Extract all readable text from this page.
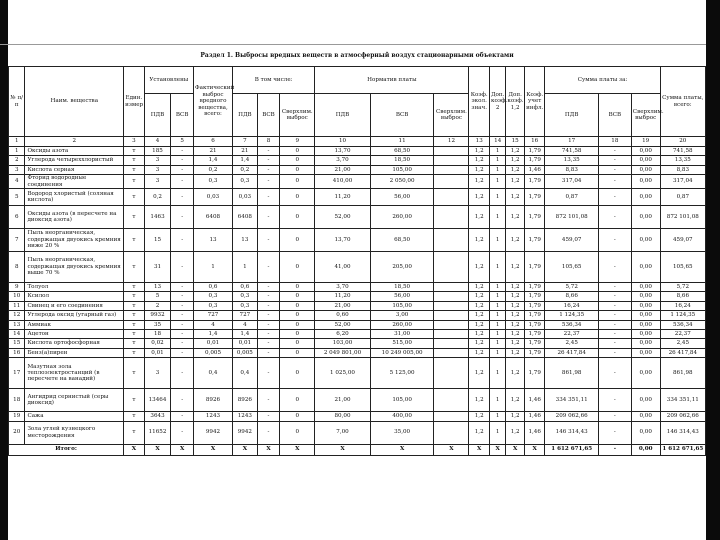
Раздел 1. Выбросы вредных веществ в атмосферный воздух стационарными объектами
№ п/п	Наим. вещества	Един. измер	Установлены		Фактический выброс вредного вещества, всего:	В том числе:			Норматив платы			Коэф. экол. знач.	Доп. коэф. 2	Доп. коэф. 1,2	Коэф. учет инфл.	Сумма платы за:			Сумма платы, всего:
			ПДВ	ВСВ		ПДВ	ВСВ	Сверхлим. выброс	ПДВ	ВСВ	Сверхлим. выброс					ПДВ	ВСВ	Сверхлим. выброс	
1	2	3	4	5	6	7	8	9	10	11	12	13	14	15	16	17	18	19	20
1	Оксиды азота	т	185	-	21	21	-	0	13,70	68,50		1,2	1	1,2	1,79	741,58	-	0,00	741,58
2	Углерода четыреххлористый	т	3	-	1,4	1,4	-	0	3,70	18,50		1,2	1	1,2	1,79	13,35	-	0,00	13,35
3	Кислота серная	т	3	-	0,2	0,2	-	0	21,00	105,00		1,2	1	1,2	1,46	8,83	-	0,00	8,83
4	Фторид водородные соединения	т	3	-	0,3	0,3	-	0	410,00	2 050,00		1,2	1	1,2	1,79	317,04	-	0,00	317,04
5	Водород хлористый (соляная кислота)	т	0,2	-	0,03	0,03	-	0	11,20	56,00		1,2	1	1,2	1,79	0,87	-	0,00	0,87
6	Оксиды азота (в пересчете на диоксид азота)	т	1463	-	6408	6408	-	0	52,00	260,00		1,2	1	1,2	1,79	872 101,08	-	0,00	872 101,08
7	Пыль неорганическая, содержащая двуокись кремния ниже 20 %	т	15	-	13	13	-	0	13,70	68,50		1,2	1	1,2	1,79	459,07	-	0,00	459,07
8	Пыль неорганическая, содержащая двуокись кремния выше 70 %	т	31	-	1	1	-	0	41,00	205,00		1,2	1	1,2	1,79	105,65	-	0,00	105,65
9	Толуол	т	13	-	0,6	0,6	-	0	3,70	18,50		1,2	1	1,2	1,79	5,72	-	0,00	5,72
10	Ксилол	т	5	-	0,3	0,3	-	0	11,20	56,00		1,2	1	1,2	1,79	8,66	-	0,00	8,66
11	Свинец и его соединения	т	2	-	0,3	0,3	-	0	21,00	105,00		1,2	1	1,2	1,79	16,24	-	0,00	16,24
12	Углерода оксид (угарный газ)	т	9932	-	727	727	-	0	0,60	3,00		1,2	1	1,2	1,79	1 124,35	-	0,00	1 124,35
13	Аммиак	т	35	-	4	4	-	0	52,00	260,00		1,2	1	1,2	1,79	536,34	-	0,00	536,34
14	Ацетон	т	18	-	1,4	1,4	-	0	6,20	31,00		1,2	1	1,2	1,79	22,37	-	0,00	22,37
15	Кислота ортофосфорная	т	0,02	-	0,01	0,01	-	0	103,00	515,00		1,2	1	1,2	1,79	2,45	-	0,00	2,45
16	Бенз(а)пирен	т	0,01	-	0,005	0,005	-	0	2 049 801,00	10 249 005,00		1,2	1	1,2	1,79	26 417,84	-	0,00	26 417,84
17	Мазутная зола теплоэлектростанций (в пересчете на ванадий)	т	3	-	0,4	0,4	-	0	1 025,00	5 125,00		1,2	1	1,2	1,79	861,98	-	0,00	861,98
18	Ангидрид сернистый (серы диоксид)	т	13464	-	8926	8926	-	0	21,00	105,00		1,2	1	1,2	1,46	334 351,11	-	0,00	334 351,11
19	Сажа	т	3643	-	1243	1243	-	0	80,00	400,00		1,2	1	1,2	1,46	209 062,66	-	0,00	209 062,66
20	Зола углей кузнецкого месторождения	т	11652	-	9942	9942	-	0	7,00	35,00		1,2	1	1,2	1,46	146 314,43	-	0,00	146 314,43
Итого:		X	X	X	X	X	X	X	X	X	X	X	X	X	X	1 612 671,65	-	0,00	1 612 671,65
